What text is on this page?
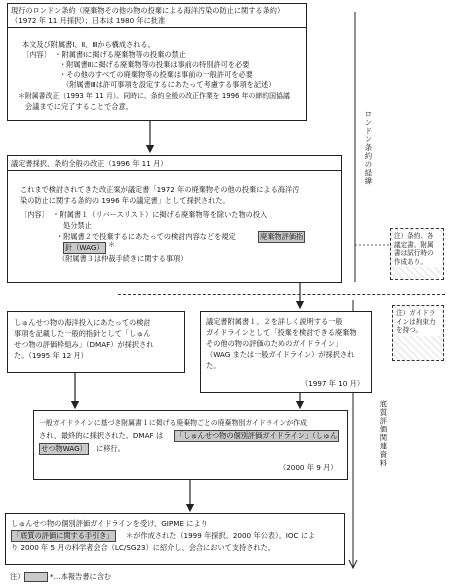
現行のロンドン条約（廃棄物その他の物の投棄による海洋汚染の防止に関する条約）
（1972 年 11 月採択）；日本は 1980 年に批准
本文及び附属書Ⅰ、Ⅱ、Ⅲから構成される。
〔内容〕　・附属書Ⅰに掲げる廃棄物等の投棄の禁止
・附属書Ⅱに掲げる廃棄物等の投棄は事前の特別許可を必要
・その他のすべての廃棄物等の投棄は事前の一般許可を必要
（附属書Ⅲは許可事項を設定するにあたって考慮する事項を記述）
＊附属書改正（1993 年 11 月）。同時に、条約全般の改正作業を 1996 年の締約国協議
会議までに完了することで合意。
議定書採択、条約全般の改正（1996 年 11 月）
これまで検討されてきた改正案が議定書「1972 年の廃棄物その他の投棄による海洋汚
染の防止に関する条約の 1996 年の議定書」として採択された。
〔内容〕　・附属書１（リバースリスト）に掲げる廃棄物等を除いた物の投入
処分禁止
・附属書２で投棄するにあたっての検討内容などを規定	廃棄物評価指
針（WAG） ＊
（附属書３は仲裁手続きに関する事項）
しゅんせつ物の海洋投入にあたっての検討
事項を記載した一般的指針として「しゅん
せつ物の評価枠組み」（DMAF）が採択され
た。（1995 年 12 月）
議定書附属書１、２を詳しく説明する一般
ガイドラインとして「投棄を検討できる廃棄物
その他の物の評価のためのガイドライン」
（WAG または一般ガイドライン）が採択され
た。
（1997 年 10 月）
一般ガイドラインに基づき附属書１に掲げる廃棄物ごとの廃棄物別ガイドラインが作成
され、最終的に採択された。DMAF は 「しゅんせつ物の個別評価ガイドライン」（しゅん
せつ物WAG） に移行。
（2000 年 9 月）
しゅんせつ物の個別評価ガイドラインを受け、GIPME により
「底質の評価に関する手引き」 ＊が作成された（1999 年採択、2000 年公表）。IOC によ
り 2000 年 5 月の科学者会合（LC/SG23）に紹介し、会合において支持された。
ロンドン条約の経緯
底質評価関連資料
注）条約、各議定書、附属書は試行時の作成あり。
注）ガイドラインは拘束力を持つ。
注）	*…本報告書に含む
